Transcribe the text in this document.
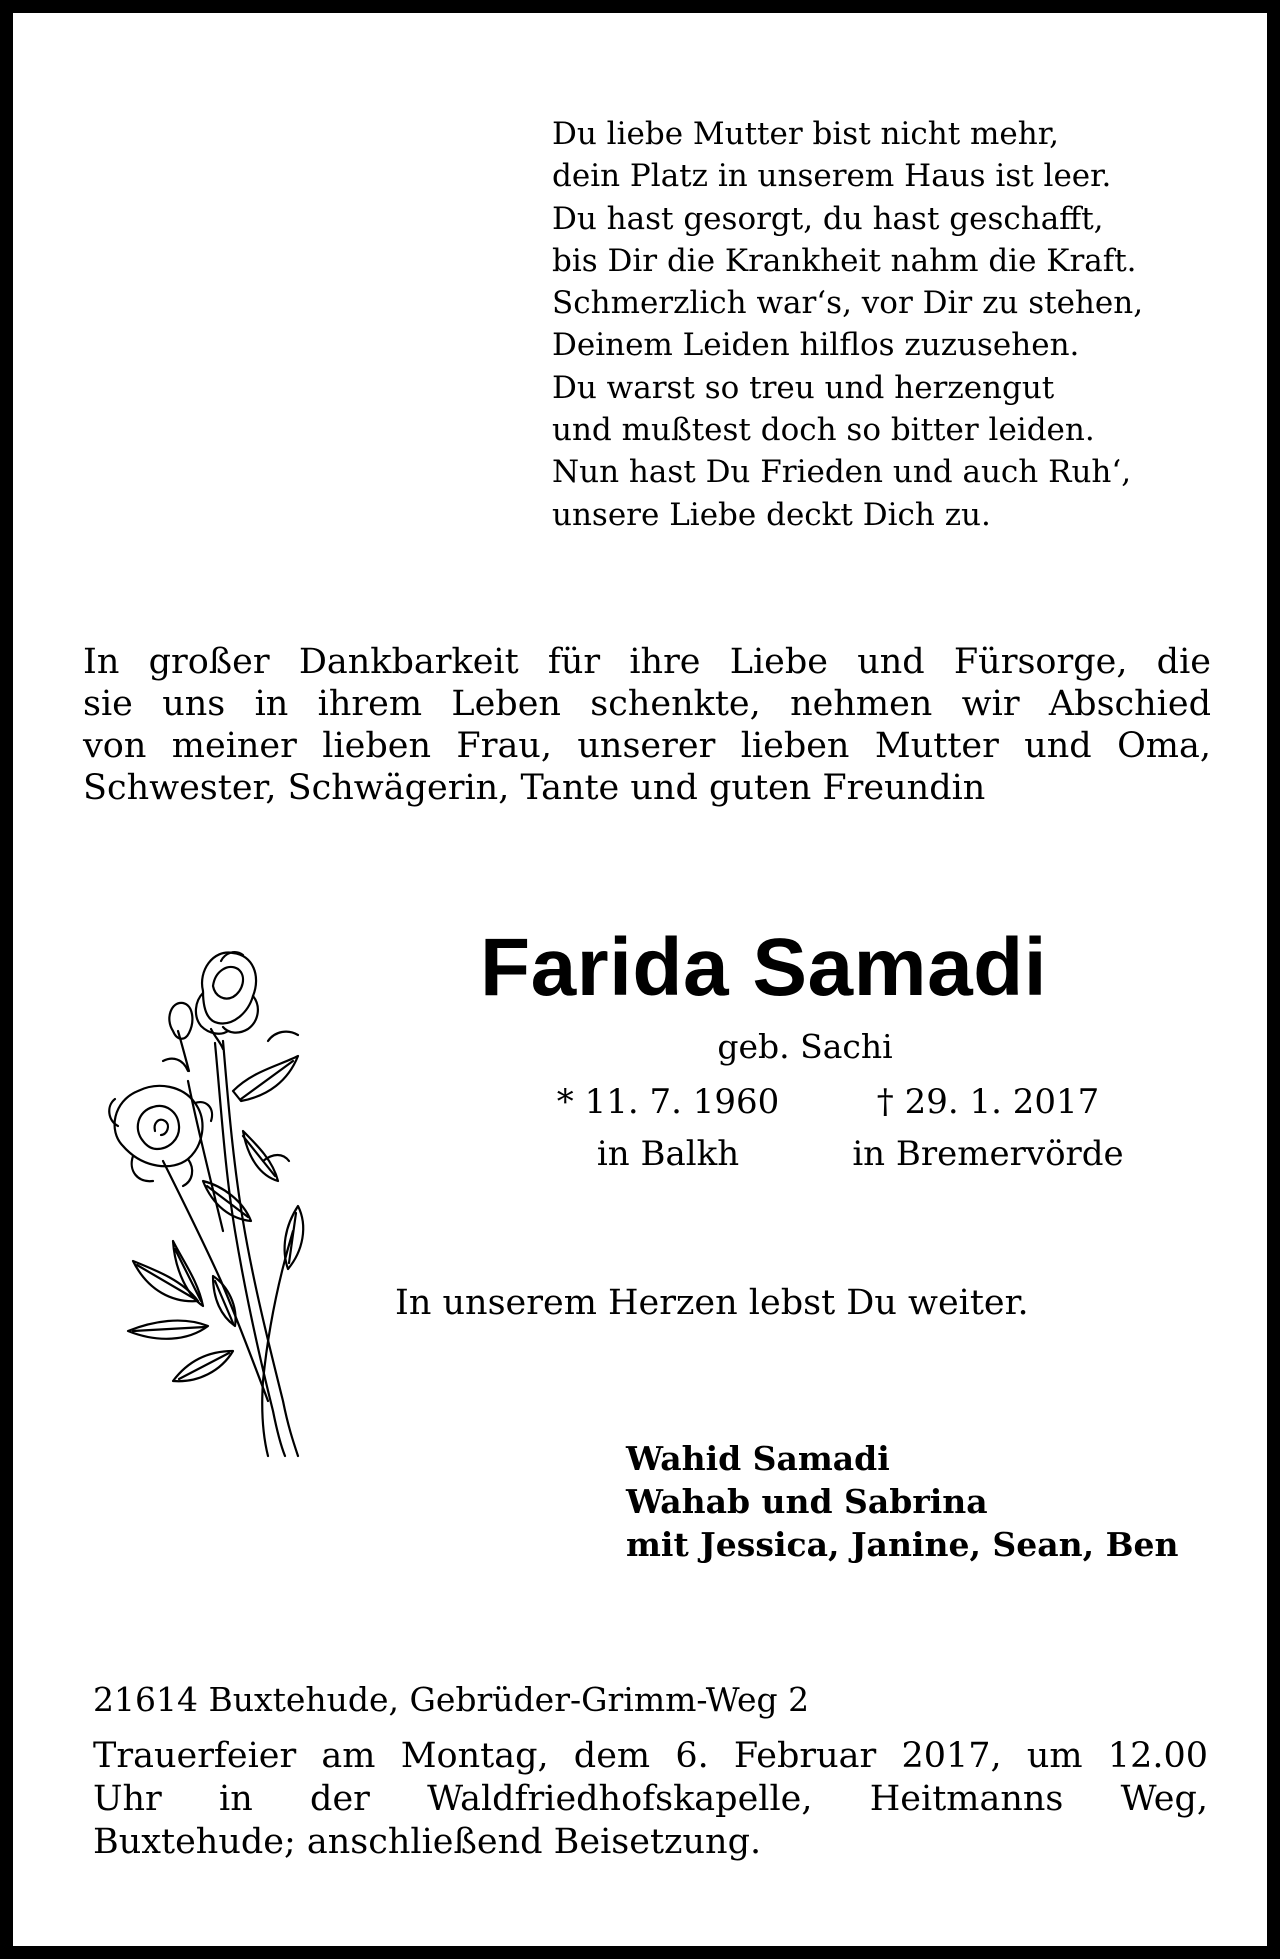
Du liebe Mutter bist nicht mehr,
dein Platz in unserem Haus ist leer.
Du hast gesorgt, du hast geschafft,
bis Dir die Krankheit nahm die Kraft.
Schmerzlich war‘s, vor Dir zu stehen,
Deinem Leiden hilflos zuzusehen.
Du warst so treu und herzengut
und mußtest doch so bitter leiden.
Nun hast Du Frieden und auch Ruh‘,
unsere Liebe deckt Dich zu.
In großer Dankbarkeit für ihre Liebe und Fürsorge, die
sie uns in ihrem Leben schenkte, nehmen wir Abschied
von meiner lieben Frau, unserer lieben Mutter und Oma,
Schwester, Schwägerin, Tante und guten Freundin
Farida Samadi
geb. Sachi
* 11. 7. 1960	† 29. 1. 2017
in Balkh	in Bremervörde
In unserem Herzen lebst Du weiter.
Wahid Samadi
Wahab und Sabrina
mit Jessica, Janine, Sean, Ben
21614 Buxtehude, Gebrüder-Grimm-Weg 2
Trauerfeier am Montag, dem 6. Februar 2017, um 12.00
Uhr in der Waldfriedhofskapelle, Heitmanns Weg,
Buxtehude; anschließend Beisetzung.
